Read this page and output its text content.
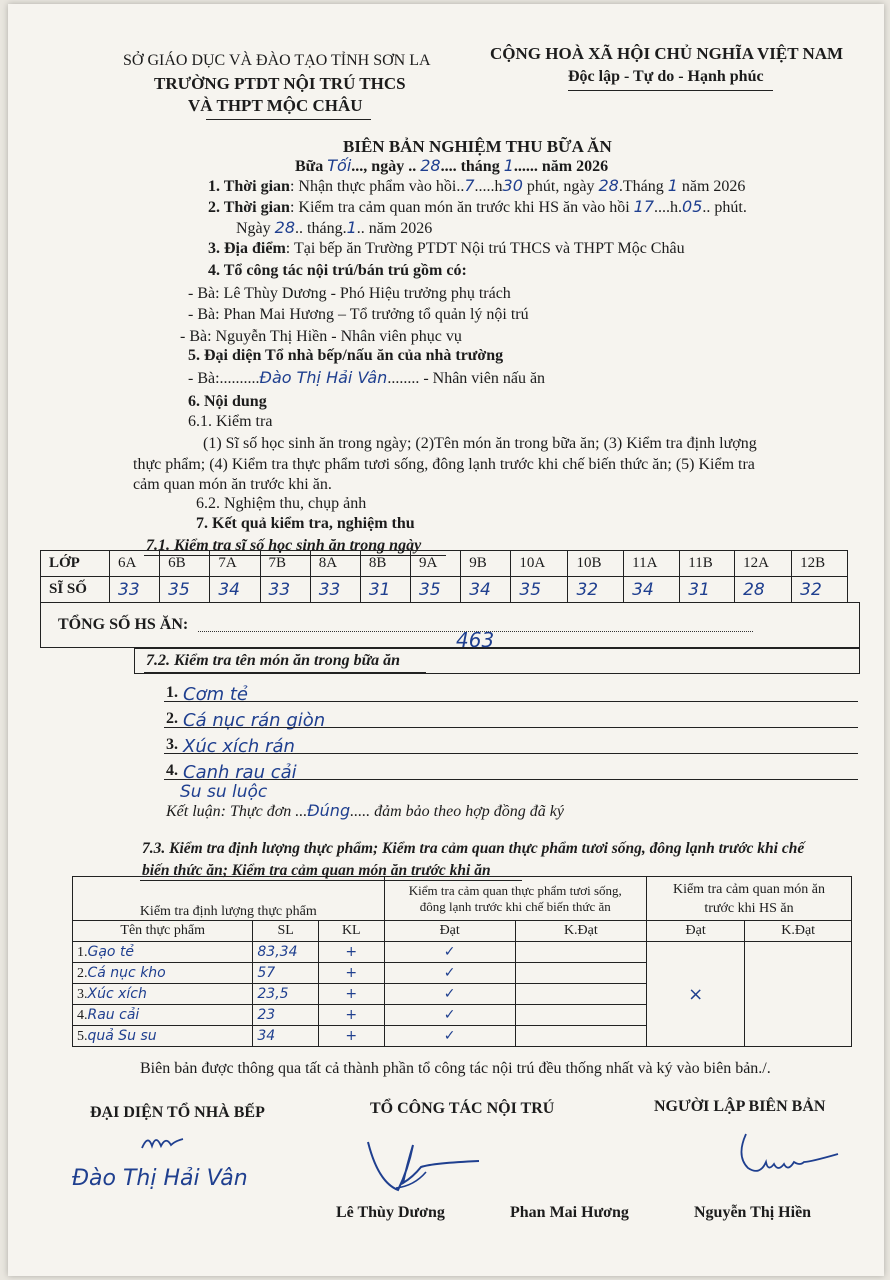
SỞ GIÁO DỤC VÀ ĐÀO TẠO TỈNH SƠN LA
TRƯỜNG PTDT NỘI TRÚ THCS
VÀ THPT MỘC CHÂU
CỘNG HOÀ XÃ HỘI CHỦ NGHĨA VIỆT NAM
Độc lập - Tự do - Hạnh phúc
BIÊN BẢN NGHIỆM THU BỮA ĂN
Bữa Tối..., ngày .. 28.... tháng 1...... năm 2026
1. Thời gian: Nhận thực phẩm vào hồi..7.....h30 phút, ngày 28.Tháng 1 năm 2026
2. Thời gian: Kiểm tra cảm quan món ăn trước khi HS ăn vào hồi 17....h.05.. phút.
Ngày 28.. tháng.1.. năm 2026
3. Địa điểm: Tại bếp ăn Trường PTDT Nội trú THCS và THPT Mộc Châu
4. Tổ công tác nội trú/bán trú gồm có:
- Bà: Lê Thùy Dương - Phó Hiệu trưởng phụ trách
- Bà: Phan Mai Hương – Tổ trưởng tổ quản lý nội trú
- Bà: Nguyễn Thị Hiền - Nhân viên phục vụ
5. Đại diện Tổ nhà bếp/nấu ăn của nhà trường
- Bà:..........Đào Thị Hải Vân........ - Nhân viên nấu ăn
6. Nội dung
6.1. Kiểm tra
(1) Sĩ số học sinh ăn trong ngày; (2)Tên món ăn trong bữa ăn; (3) Kiểm tra định lượng
thực phẩm; (4) Kiểm tra thực phẩm tươi sống, đông lạnh trước khi chế biến thức ăn; (5) Kiểm tra
cảm quan món ăn trước khi ăn.
6.2. Nghiệm thu, chụp ảnh
7. Kết quả kiểm tra, nghiệm thu
7.1. Kiểm tra sĩ số học sinh ăn trong ngày
LỚP	6A	6B	7A	7B	8A	8B	9A	9B	10A	10B	11A	11B	12A	12B
SĨ SỐ	33	35	34	33	33	31	35	34	35	32	34	31	28	32
TỔNG SỐ HS ĂN:
463
7.2. Kiểm tra tên món ăn trong bữa ăn
1. Cơm tẻ
2. Cá nục rán giòn
3. Xúc xích rán
4. Canh rau cải
Su su luộc
Kết luận: Thực đơn ...Đúng..... đảm bảo theo hợp đồng đã ký
7.3. Kiểm tra định lượng thực phẩm; Kiểm tra cảm quan thực phẩm tươi sống, đông lạnh trước khi chế
biến thức ăn; Kiểm tra cảm quan món ăn trước khi ăn
Kiểm tra định lượng thực phẩm			Kiểm tra cảm quan thực phẩm tươi sống,
đông lạnh trước khi chế biến thức ăn		Kiểm tra cảm quan món ăn
trước khi HS ăn	
Tên thực phẩm	SL	KL	Đạt	K.Đạt	Đạt	K.Đạt
1.Gạo tẻ	83,34	+	✓		×	
2.Cá nục kho	57	+	✓			
3.Xúc xích	23,5	+	✓			
4.Rau cải	23	+	✓			
5.quả Su su	34	+	✓			
Biên bản được thông qua tất cả thành phần tổ công tác nội trú đều thống nhất và ký vào biên bản./.
ĐẠI DIỆN TỔ NHÀ BẾP	TỔ CÔNG TÁC NỘI TRÚ	NGƯỜI LẬP BIÊN BẢN
Đào Thị Hải Vân
Lê Thùy Dương	Phan Mai Hương	Nguyễn Thị Hiền
